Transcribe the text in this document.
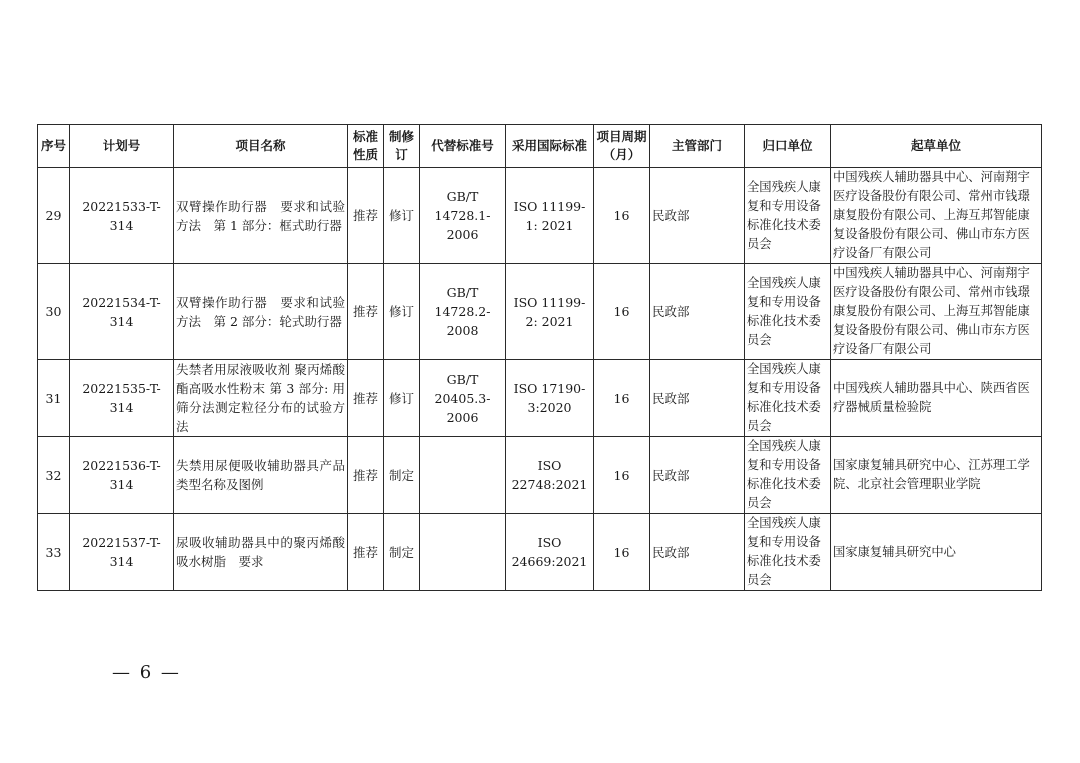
序号	计划号	项目名称	标准性质	制修订	代替标准号	采用国际标准	项目周期（月）	主管部门	归口单位	起草单位
29	20221533-T-314	双臂操作助行器　要求和试验方法　第 1 部分：框式助行器	推荐	修订	GB/T 14728.1-2006	ISO 11199-1: 2021	16	民政部	全国残疾人康复和专用设备标准化技术委员会	中国残疾人辅助器具中心、河南翔宇医疗设备股份有限公司、常州市钱璟康复股份有限公司、上海互邦智能康复设备股份有限公司、佛山市东方医疗设备厂有限公司
30	20221534-T-314	双臂操作助行器　要求和试验方法　第 2 部分：轮式助行器	推荐	修订	GB/T 14728.2-2008	ISO 11199-2: 2021	16	民政部	全国残疾人康复和专用设备标准化技术委员会	中国残疾人辅助器具中心、河南翔宇医疗设备股份有限公司、常州市钱璟康复股份有限公司、上海互邦智能康复设备股份有限公司、佛山市东方医疗设备厂有限公司
31	20221535-T-314	失禁者用尿液吸收剂 聚丙烯酸酯高吸水性粉末 第 3 部分: 用筛分法测定粒径分布的试验方法	推荐	修订	GB/T 20405.3-2006	ISO 17190-3:2020	16	民政部	全国残疾人康复和专用设备标准化技术委员会	中国残疾人辅助器具中心、陕西省医疗器械质量检验院
32	20221536-T-314	失禁用尿便吸收辅助器具产品类型名称及图例	推荐	制定		ISO 22748:2021	16	民政部	全国残疾人康复和专用设备标准化技术委员会	国家康复辅具研究中心、江苏理工学院、北京社会管理职业学院
33	20221537-T-314	尿吸收辅助器具中的聚丙烯酸吸水树脂　要求	推荐	制定		ISO 24669:2021	16	民政部	全国残疾人康复和专用设备标准化技术委员会	国家康复辅具研究中心
— 6 —
